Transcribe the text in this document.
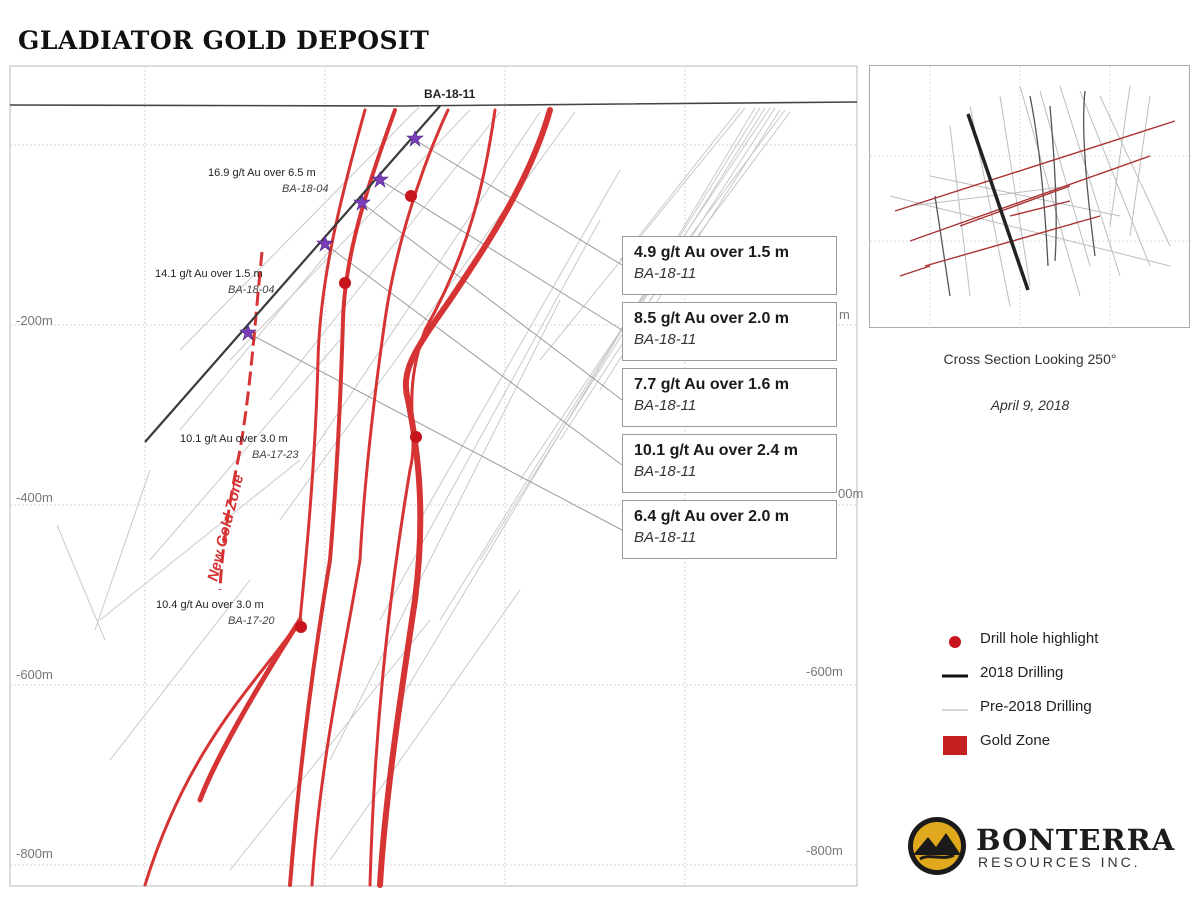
GLADIATOR GOLD DEPOSIT
BA-18-11
-200m
-400m
-600m
-800m
-600m
-800m
m
00m
16.9 g/t Au over 6.5 m
BA-18-04
14.1 g/t Au over 1.5 m
BA-18-04
10.1 g/t Au over 3.0 m
BA-17-23
10.4 g/t Au over 3.0 m
BA-17-20
New Gold Zone
4.9 g/t Au over 1.5 m
BA-18-11
8.5 g/t Au over 2.0 m
BA-18-11
7.7 g/t Au over 1.6 m
BA-18-11
10.1 g/t Au over 2.4 m
BA-18-11
6.4 g/t Au over 2.0 m
BA-18-11
Cross Section Looking 250°
April 9, 2018
Drill hole highlight
2018 Drilling
Pre-2018 Drilling
Gold Zone
BONTERRA
RESOURCES INC.
